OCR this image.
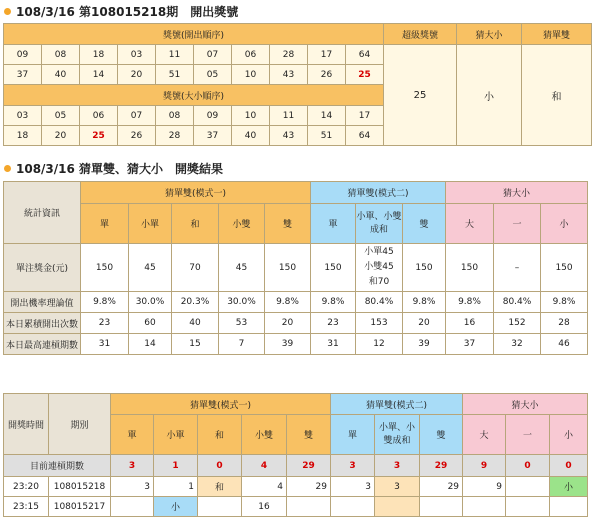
108/3/16 第108015218期　開出獎號
獎號(開出順序)										超級獎號	猜大小	猜單雙
09	08	18	03	11	07	06	28	17	64	25	小	和
37	40	14	20	51	05	10	43	26	25			
獎號(大小順序)												
03	05	06	07	08	09	10	11	14	17			
18	20	25	26	28	37	40	43	51	64			
108/3/16 猜單雙、猜大小　開獎結果
統計資訊	猜單雙(模式一)					猜單雙(模式二)			猜大小		
	單	小單	和	小雙	雙	單	小單、小雙成和	雙	大	一	小
單注獎金(元)	150	45	70	45	150	150	小單45
小雙45
和70	150	150	–	150
開出機率理論值	9.8%	30.0%	20.3%	30.0%	9.8%	9.8%	80.4%	9.8%	9.8%	80.4%	9.8%
本日累積開出次數	23	60	40	53	20	23	153	20	16	152	28
本日最高連槓期數	31	14	15	7	39	31	12	39	37	32	46
開獎時間	期別	猜單雙(模式一)					猜單雙(模式二)			猜大小		
		單	小單	和	小雙	雙	單	小單、小雙成和	雙	大	一	小
目前連槓期數		3	1	0	4	29	3	3	29	9	0	0
23:20	108015218	3	1	和	4	29	3	3	29	9		小
23:15	108015217		小		16							
